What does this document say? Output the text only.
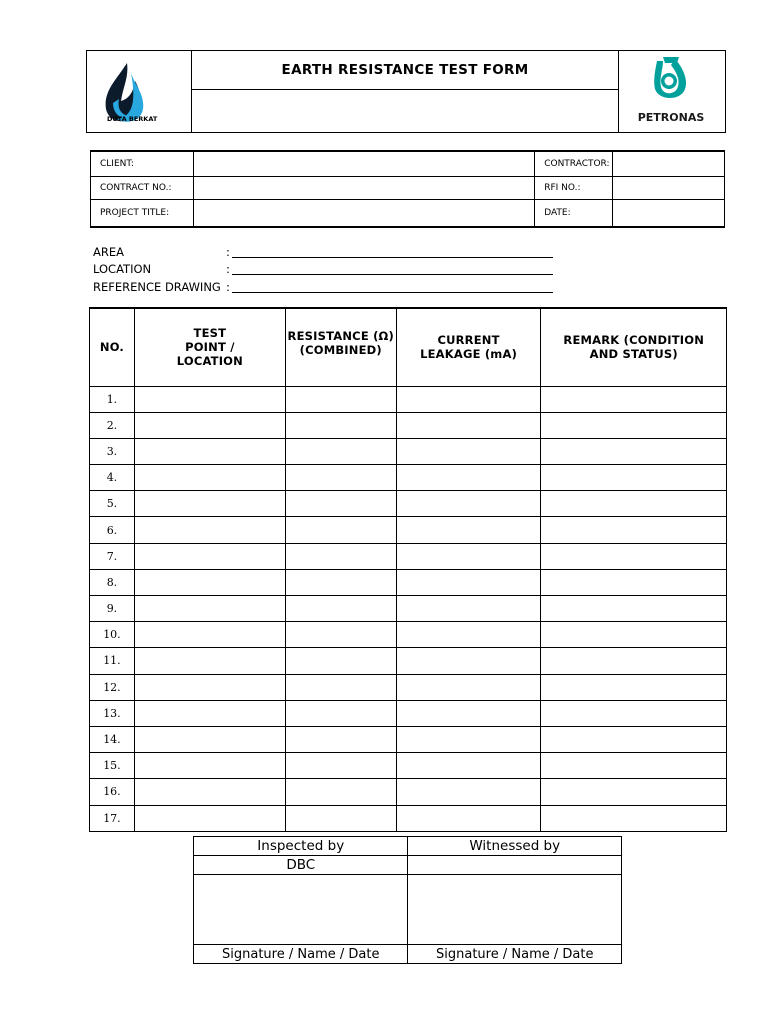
DUTA BERKAT
EARTH RESISTANCE TEST FORM
PETRONAS
CLIENT:		CONTRACTOR:	
CONTRACT NO.:		RFI NO.:	
PROJECT TITLE:		DATE:	
AREA	:
LOCATION	:
REFERENCE DRAWING :
NO.	TEST POINT / LOCATION	RESISTANCE (Ω) (COMBINED)	CURRENT LEAKAGE (mA)	REMARK (CONDITION AND STATUS)
1.				
2.				
3.				
4.				
5.				
6.				
7.				
8.				
9.				
10.				
11.				
12.				
13.				
14.				
15.				
16.				
17.				
Inspected by	Witnessed by
DBC	

Signature / Name / Date	Signature / Name / Date
